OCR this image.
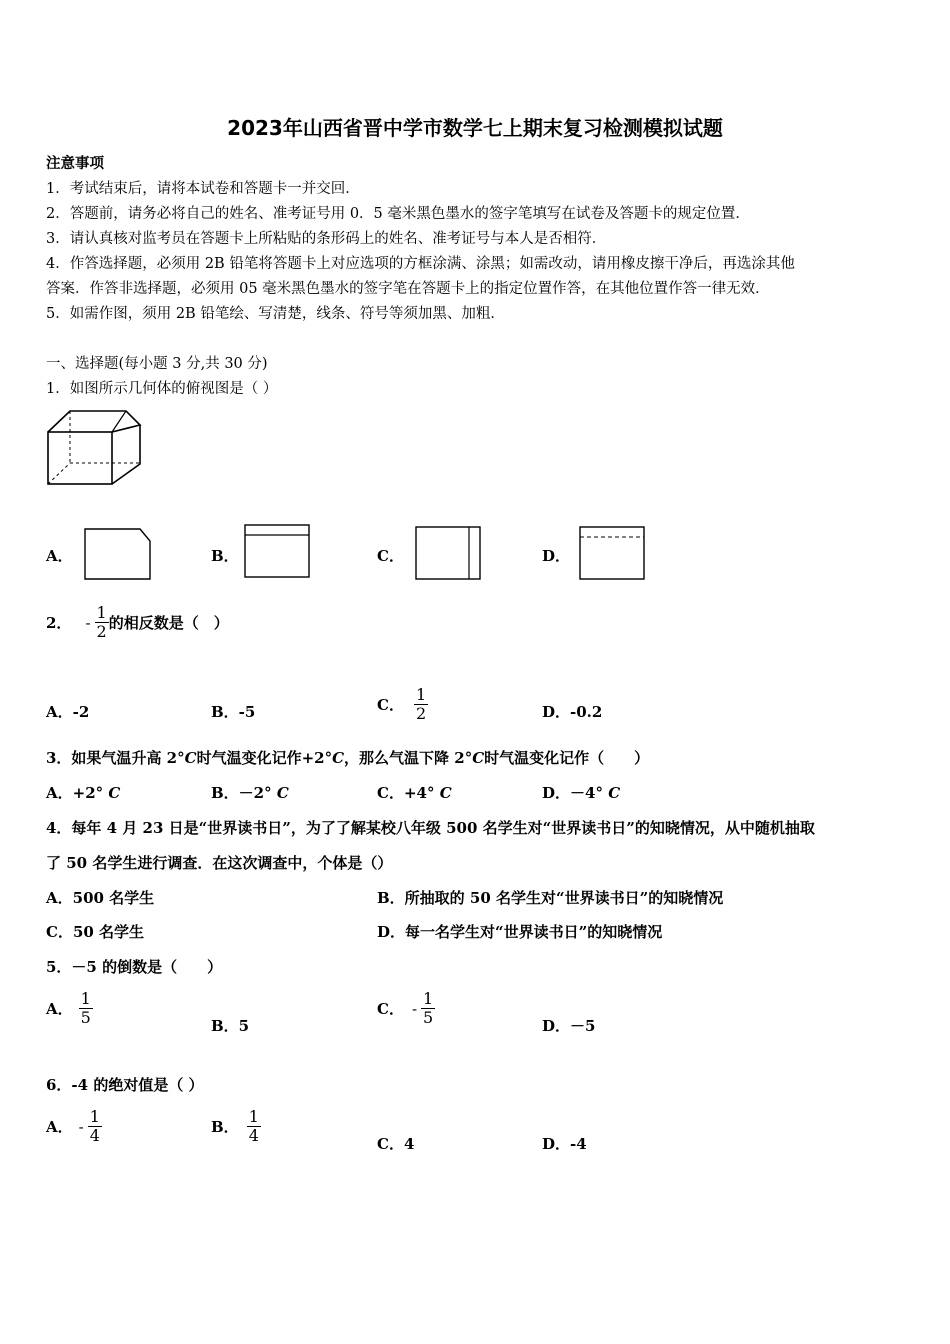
2023年山西省晋中学市数学七上期末复习检测模拟试题
注意事项
1．考试结束后，请将本试卷和答题卡一并交回．
2．答题前，请务必将自己的姓名、准考证号用 0．5 毫米黑色墨水的签字笔填写在试卷及答题卡的规定位置．
3．请认真核对监考员在答题卡上所粘贴的条形码上的姓名、准考证号与本人是否相符．
4．作答选择题，必须用 2B 铅笔将答题卡上对应选项的方框涂满、涂黑；如需改动，请用橡皮擦干净后，再选涂其他
答案．作答非选择题，必须用 05 毫米黑色墨水的签字笔在答题卡上的指定位置作答，在其他位置作答一律无效．
5．如需作图，须用 2B 铅笔绘、写清楚，线条、符号等须加黑、加粗．
一、选择题(每小题 3 分,共 30 分)
1．如图所示几何体的俯视图是（ ）
A．	B．	C．	D．
2． - $\frac{1}{2}$ 的相反数是（　）
A．-2	B．-5	C． $\frac{1}{2}$	D．-0.2
3．如果气温升高 2°C时气温变化记作+2°C，那么气温下降 2°C时气温变化记作（　　）
A．+2° C	B．－2° C	C．+4° C	D．－4° C
4．每年 4 月 23 日是“世界读书日”，为了了解某校八年级 500 名学生对“世界读书日”的知晓情况，从中随机抽取
了 50 名学生进行调查．在这次调查中，个体是（）
A．500 名学生	B．所抽取的 50 名学生对“世界读书日”的知晓情况
C．50 名学生	D．每一名学生对“世界读书日”的知晓情况
5．－5 的倒数是（　　）
A． $\frac{1}{5}$	B．5
C． - $\frac{1}{5}$	D．－5
6．-4 的绝对值是（ ）
A． - $\frac{1}{4}$	B． $\frac{1}{4}$	C．4	D．-4
